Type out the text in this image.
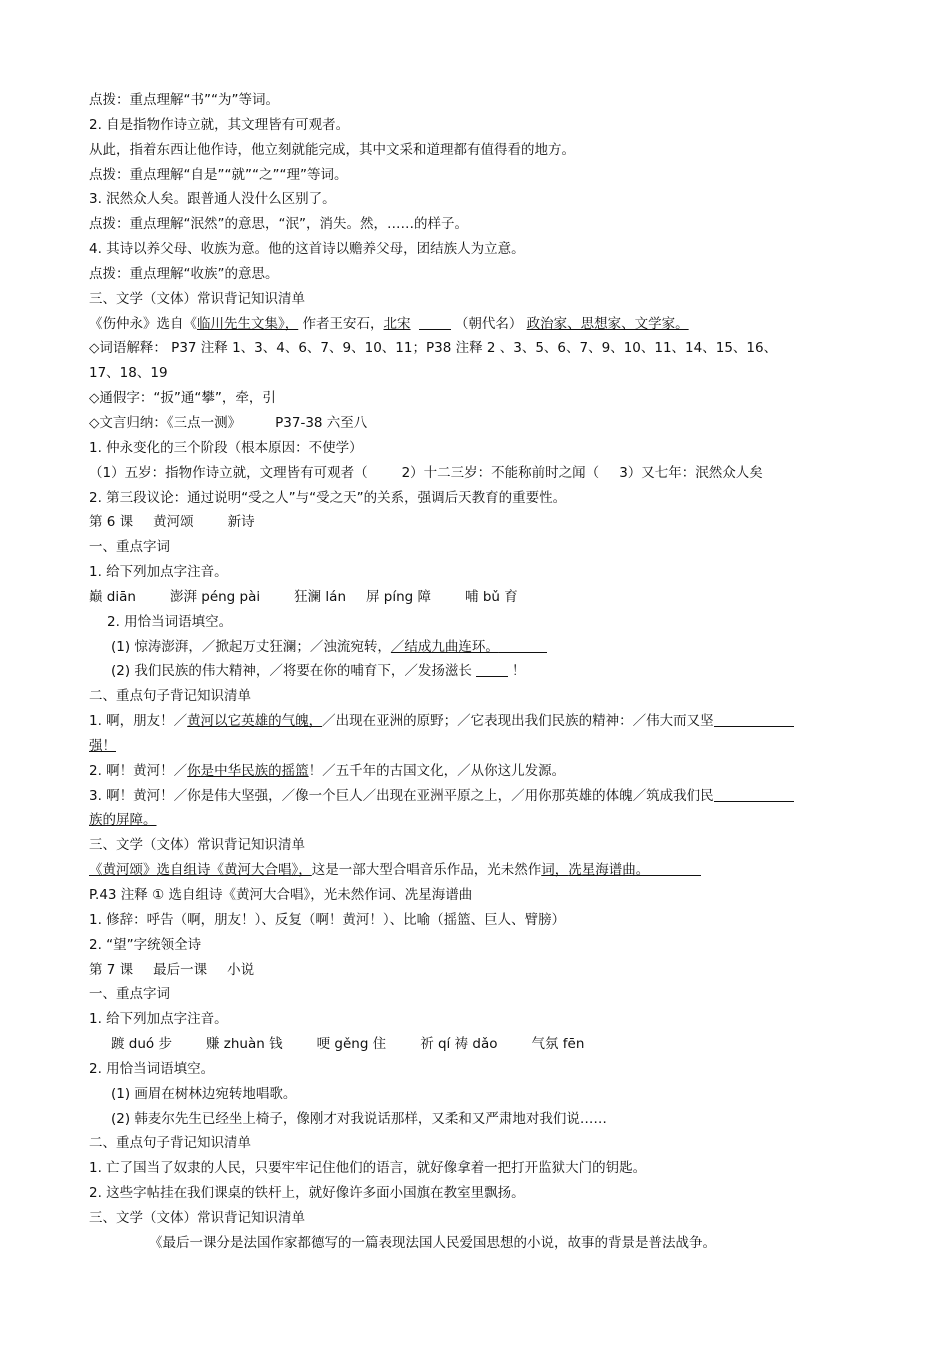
点拨：重点理解“书”“为”等词。
2. 自是指物作诗立就，其文理皆有可观者。
从此，指着东西让他作诗，他立刻就能完成，其中文采和道理都有值得看的地方。
点拨：重点理解“自是”“就”“之”“理”等词。
3. 泯然众人矣。跟普通人没什么区别了。
点拨：重点理解“泯然”的意思，“泯”，消失。然，……的样子。
4. 其诗以养父母、收族为意。他的这首诗以赡养父母，团结族人为立意。
点拨：重点理解“收族”的意思。
三、文学（文体）常识背记知识清单
《伤仲永》选自《临川先生文集》， 作者王安石，北宋	（朝代名） 政治家、思想家、文学家。
◇词语解释： P37 注释 1、3、4、6、7、9、10、11；P38 注释 2 、3、5、6、7、9、10、11、14、15、16、
17、18、19
◇通假字：“扳”通“攀”，牵，引
◇文言归纳：《三点一测》	P37-38 六至八
1. 仲永变化的三个阶段（根本原因：不使学）
（1）五岁：指物作诗立就，文理皆有可观者（	2）十二三岁：不能称前时之闻（ 3）又七年：泯然众人矣
2. 第三段议论：通过说明“受之人”与“受之天”的关系，强调后天教育的重要性。
第 6 课 黄河颂	新诗
一、重点字词
1. 给下列加点字注音。
巅 diān	澎湃 péng pài	狂澜 lán 屏 píng 障	哺 bǔ 育
2. 用恰当词语填空。
(1) 惊涛澎湃，／掀起万丈狂澜；／浊流宛转，／结成九曲连环。
(2) 我们民族的伟大精神，／将要在你的哺育下，／发扬滋长	！
二、重点句子背记知识清单
1. 啊，朋友！／黄河以它英雄的气魄，／出现在亚洲的原野；／它表现出我们民族的精神：／伟大而又坚
强！
2. 啊！黄河！／你是中华民族的摇篮！／五千年的古国文化，／从你这儿发源。
3. 啊！黄河！／你是伟大坚强，／像一个巨人／出现在亚洲平原之上，／用你那英雄的体魄／筑成我们民
族的屏障。
三、文学（文体）常识背记知识清单
《黄河颂》选自组诗《黄河大合唱》，这是一部大型合唱音乐作品，光未然作词，冼星海谱曲。
P.43 注释 ① 选自组诗《黄河大合唱》，光未然作词、冼星海谱曲
1. 修辞：呼告（啊，朋友！）、反复（啊！黄河！）、比喻（摇篮、巨人、臂膀）
2. “望”字统领全诗
第 7 课 最后一课 小说
一、重点字词
1. 给下列加点字注音。
踱 duó 步	赚 zhuàn 钱	哽 gěng 住	祈 qí 祷 dǎo	气氛 fēn
2. 用恰当词语填空。
(1) 画眉在树林边宛转地唱歌。
(2) 韩麦尔先生已经坐上椅子，像刚才对我说话那样，又柔和又严肃地对我们说……
二、重点句子背记知识清单
1. 亡了国当了奴隶的人民，只要牢牢记住他们的语言，就好像拿着一把打开监狱大门的钥匙。
2. 这些字帖挂在我们课桌的铁杆上，就好像许多面小国旗在教室里飘扬。
三、文学（文体）常识背记知识清单
《最后一课分是法国作家都德写的一篇表现法国人民爱国思想的小说，故事的背景是普法战争。
